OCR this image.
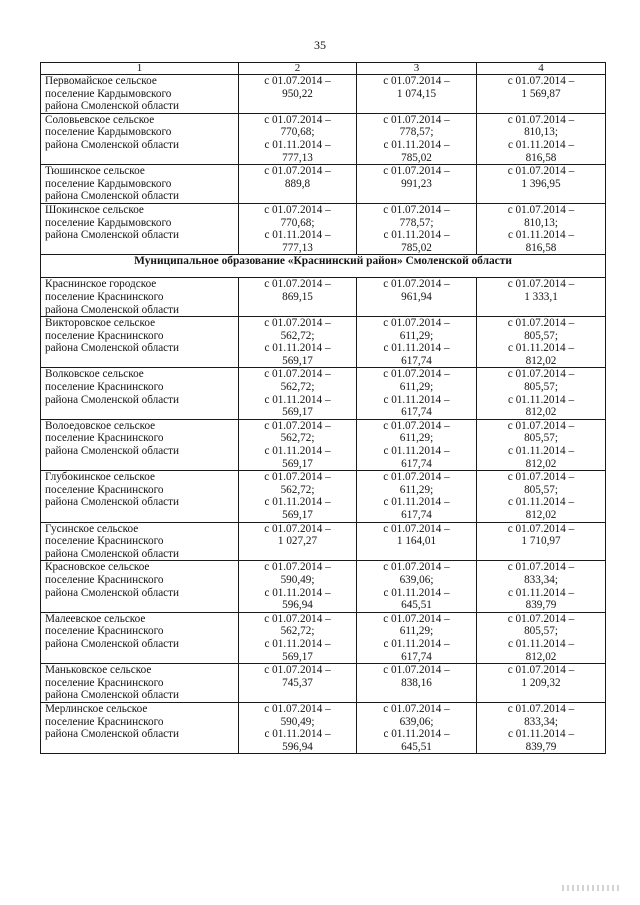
35
1	2	3	4

Первомайское сельское
поселение Кардымовского
района Смоленской области	с 01.07.2014 –
950,22	с 01.07.2014 –
1 074,15	с 01.07.2014 –
1 569,87

Соловьевское сельское
поселение Кардымовского
района Смоленской области	с 01.07.2014 –
770,68;
с 01.11.2014 –
777,13	с 01.07.2014 –
778,57;
с 01.11.2014 –
785,02	с 01.07.2014 –
810,13;
с 01.11.2014 –
816,58

Тюшинское сельское
поселение Кардымовского
района Смоленской области	с 01.07.2014 –
889,8	с 01.07.2014 –
991,23	с 01.07.2014 –
1 396,95

Шокинское сельское
поселение Кардымовского
района Смоленской области	с 01.07.2014 –
770,68;
с 01.11.2014 –
777,13	с 01.07.2014 –
778,57;
с 01.11.2014 –
785,02	с 01.07.2014 –
810,13;
с 01.11.2014 –
816,58

Муниципальное образование «Краснинский район» Смоленской области			

Краснинское городское
поселение Краснинского
района Смоленской области	с 01.07.2014 –
869,15	с 01.07.2014 –
961,94	с 01.07.2014 –
1 333,1

Викторовское сельское
поселение Краснинского
района Смоленской области	с 01.07.2014 –
562,72;
с 01.11.2014 –
569,17	с 01.07.2014 –
611,29;
с 01.11.2014 –
617,74	с 01.07.2014 –
805,57;
с 01.11.2014 –
812,02

Волковское сельское
поселение Краснинского
района Смоленской области	с 01.07.2014 –
562,72;
с 01.11.2014 –
569,17	с 01.07.2014 –
611,29;
с 01.11.2014 –
617,74	с 01.07.2014 –
805,57;
с 01.11.2014 –
812,02

Волоедовское сельское
поселение Краснинского
района Смоленской области	с 01.07.2014 –
562,72;
с 01.11.2014 –
569,17	с 01.07.2014 –
611,29;
с 01.11.2014 –
617,74	с 01.07.2014 –
805,57;
с 01.11.2014 –
812,02

Глубокинское сельское
поселение Краснинского
района Смоленской области	с 01.07.2014 –
562,72;
с 01.11.2014 –
569,17	с 01.07.2014 –
611,29;
с 01.11.2014 –
617,74	с 01.07.2014 –
805,57;
с 01.11.2014 –
812,02

Гусинское сельское
поселение Краснинского
района Смоленской области	с 01.07.2014 –
1 027,27	с 01.07.2014 –
1 164,01	с 01.07.2014 –
1 710,97

Красновское сельское
поселение Краснинского
района Смоленской области	с 01.07.2014 –
590,49;
с 01.11.2014 –
596,94	с 01.07.2014 –
639,06;
с 01.11.2014 –
645,51	с 01.07.2014 –
833,34;
с 01.11.2014 –
839,79

Малеевское сельское
поселение Краснинского
района Смоленской области	с 01.07.2014 –
562,72;
с 01.11.2014 –
569,17	с 01.07.2014 –
611,29;
с 01.11.2014 –
617,74	с 01.07.2014 –
805,57;
с 01.11.2014 –
812,02

Маньковское сельское
поселение Краснинского
района Смоленской области	с 01.07.2014 –
745,37	с 01.07.2014 –
838,16	с 01.07.2014 –
1 209,32

Мерлинское сельское
поселение Краснинского
района Смоленской области	с 01.07.2014 –
590,49;
с 01.11.2014 –
596,94	с 01.07.2014 –
639,06;
с 01.11.2014 –
645,51	с 01.07.2014 –
833,34;
с 01.11.2014 –
839,79
